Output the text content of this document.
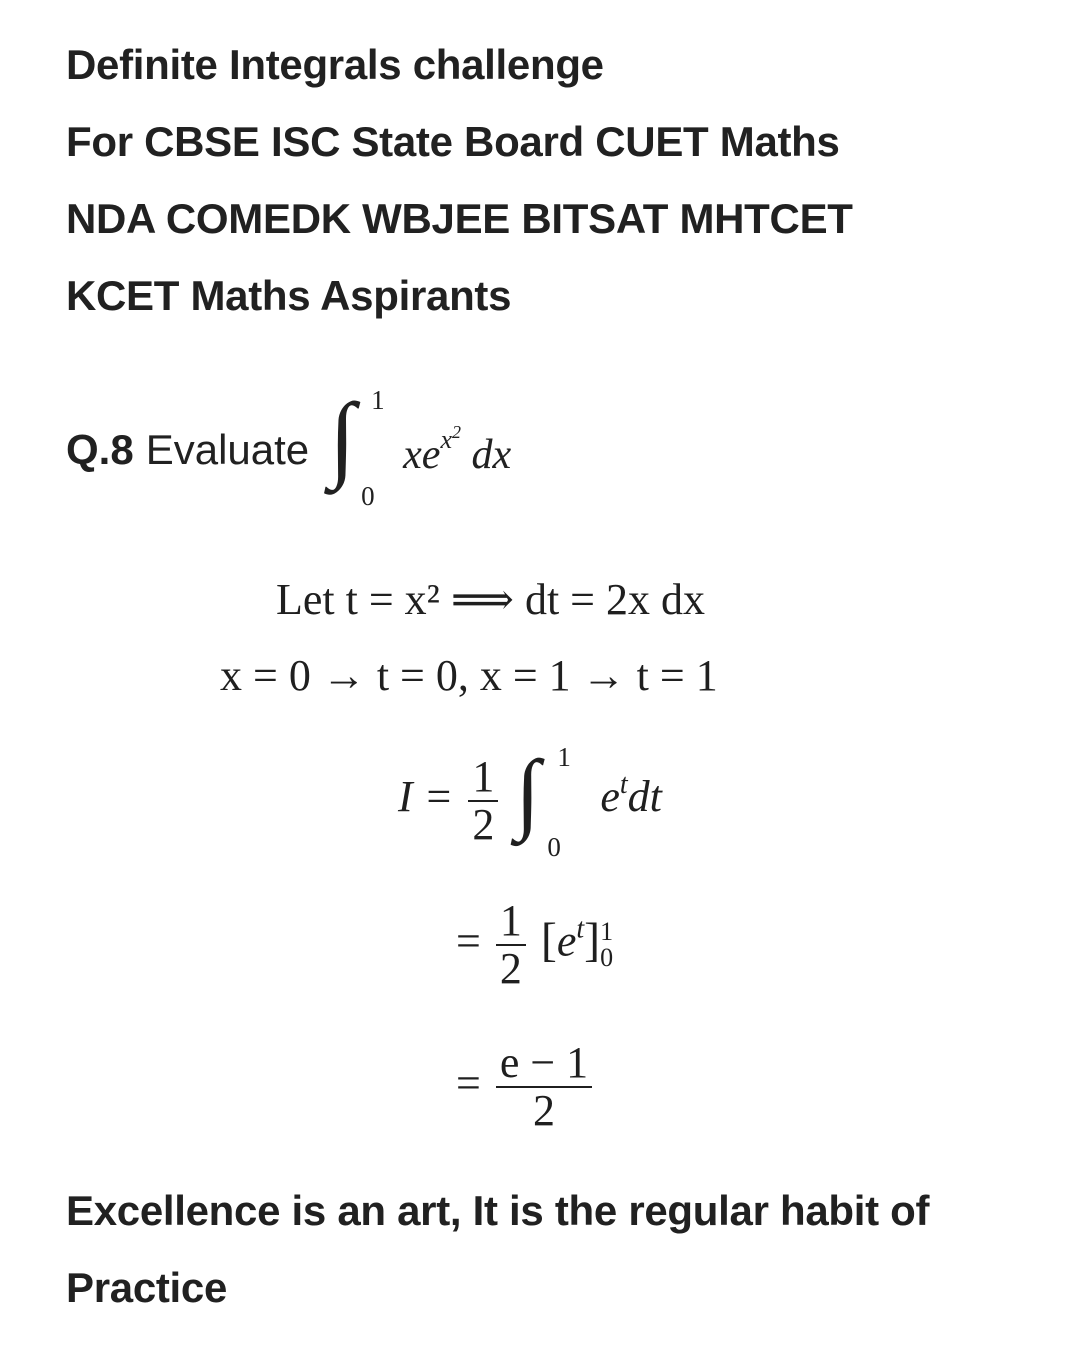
Definite Integrals challenge
For CBSE ISC State Board CUET Maths
NDA COMEDK WBJEE BITSAT MHTCET
KCET Maths Aspirants
Q.8 Evaluate ∫ 1
0
$xe^{x^2}$ dx
Let t = x² ⟹ dt = 2x dx
x = 0 → t = 0, x = 1 → t = 1
$I = \frac{1}{2}$
∫ 1
0
$e^tdt$
= $\frac{1}{2} [e^t]$ 1
0
= $\frac{e - 1}{2}$
Excellence is an art, It is the regular habit of
Practice
